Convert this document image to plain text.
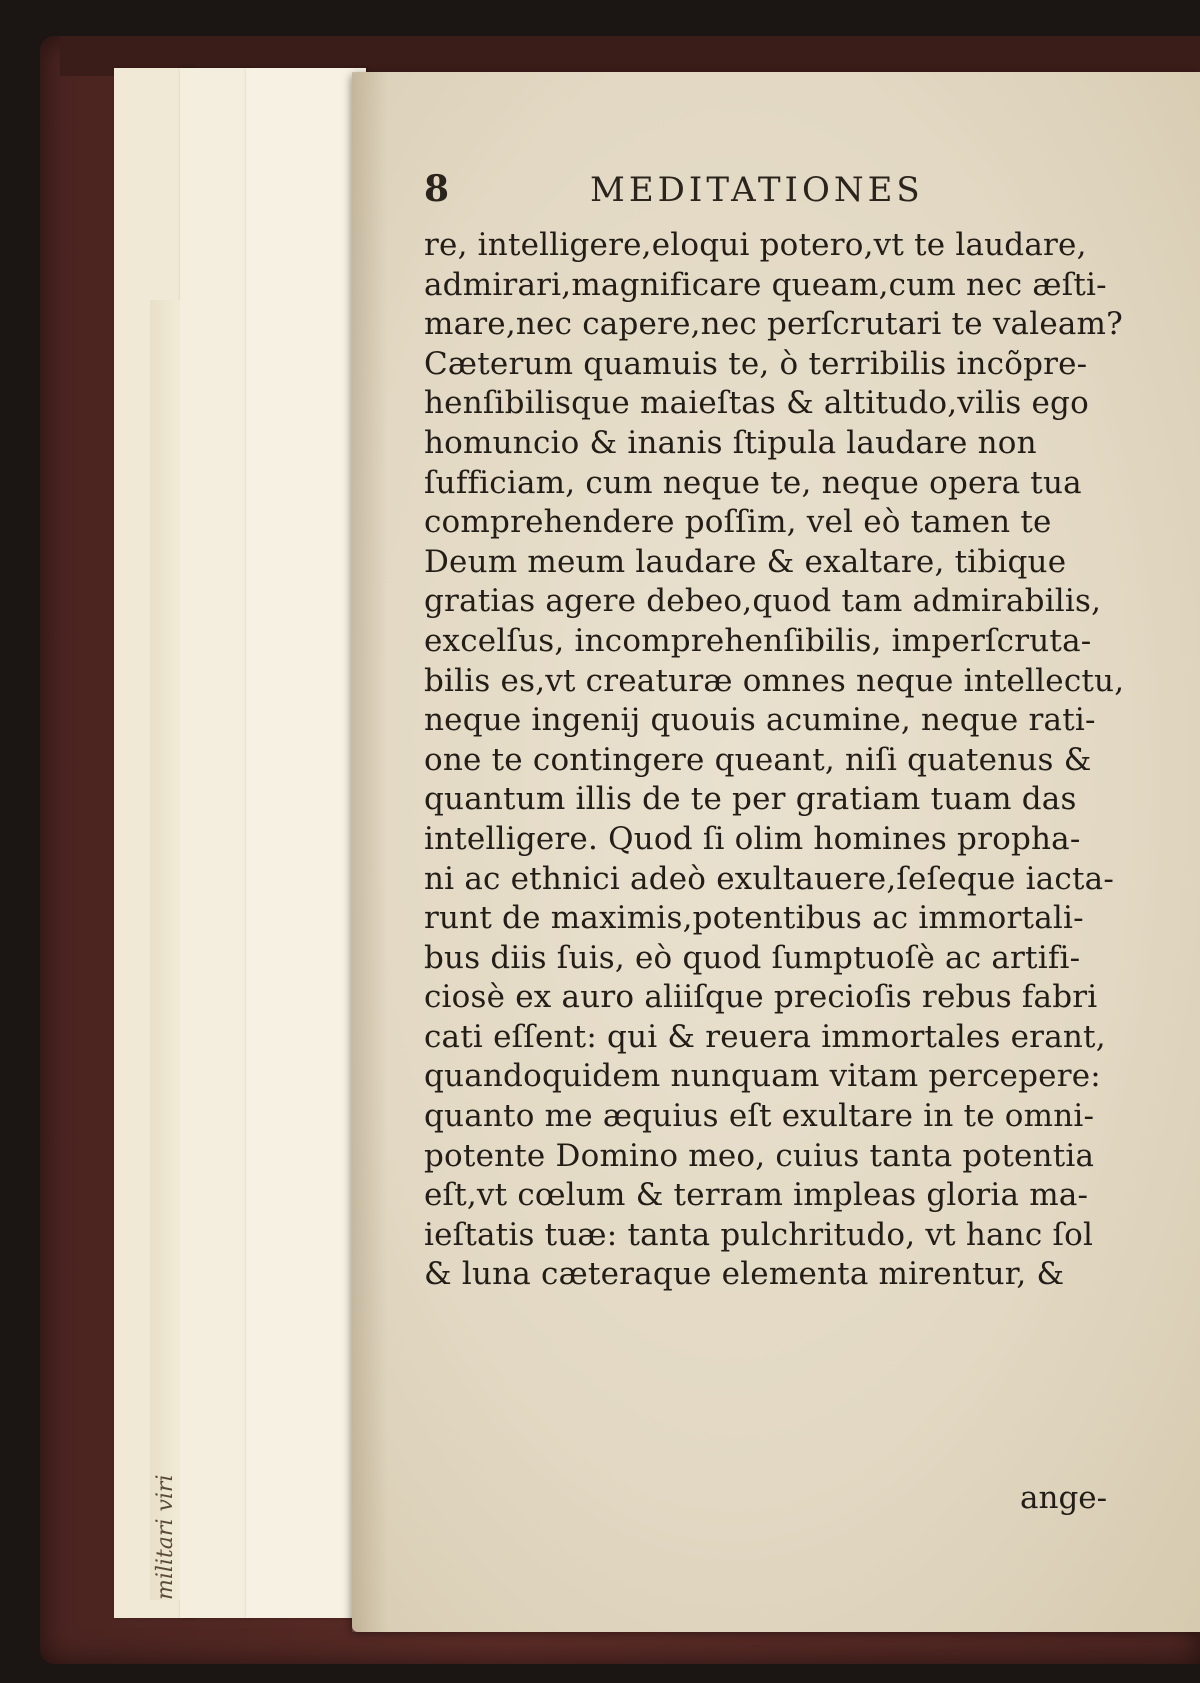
militari viri
8	MEDITATIONES
re, intelligere,eloqui potero,vt te laudare,
admirari,magnificare queam,cum nec æſti-
mare,nec capere,nec perſcrutari te valeam?
Cæterum quamuis te, ò terribilis incõpre-
henſibilisque maieſtas & altitudo,vilis ego
homuncio & inanis ſtipula laudare non
ſufficiam, cum neque te, neque opera tua
comprehendere poſſim, vel eò tamen te
Deum meum laudare & exaltare, tibique
gratias agere debeo,quod tam admirabilis,
excelſus, incomprehenſibilis, imperſcruta-
bilis es,vt creaturæ omnes neque intellectu,
neque ingenij quouis acumine, neque rati-
one te contingere queant, niſi quatenus &
quantum illis de te per gratiam tuam das
intelligere. Quod ſi olim homines propha-
ni ac ethnici adeò exultauere,ſeſeque iacta-
runt de maximis,potentibus ac immortali-
bus diis ſuis, eò quod ſumptuoſè ac artifi-
ciosè ex auro aliiſque precioſis rebus fabri
cati eſſent: qui & reuera immortales erant,
quandoquidem nunquam vitam percepere:
quanto me æquius eſt exultare in te omni-
potente Domino meo, cuius tanta potentia
eſt,vt cœlum & terram impleas gloria ma-
ieſtatis tuæ: tanta pulchritudo, vt hanc ſol
& luna cæteraque elementa mirentur, &
ange-
